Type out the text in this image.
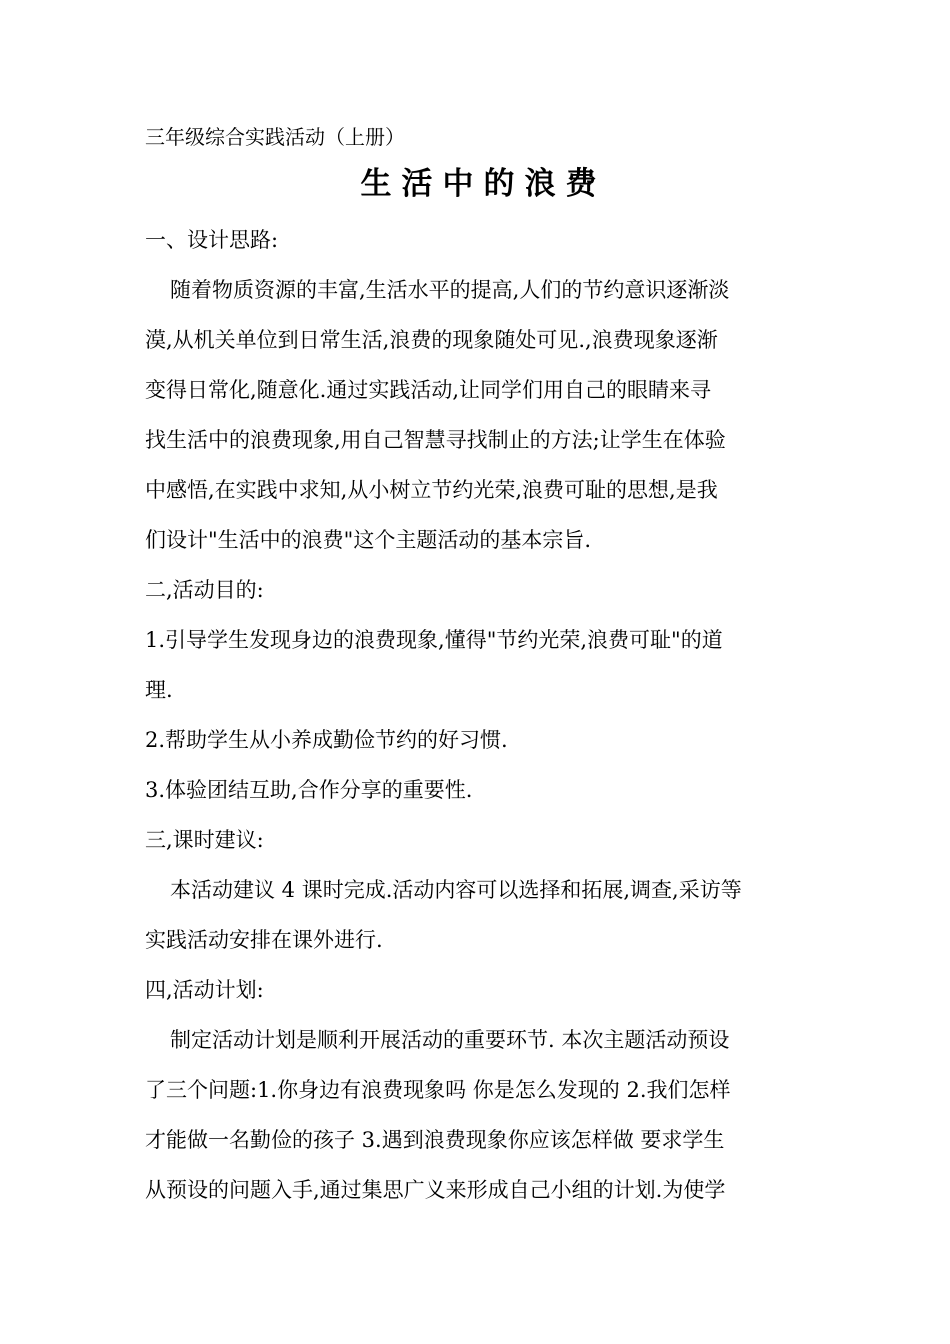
三年级综合实践活动（上册）
生活中的浪费
一、设计思路:
随着物质资源的丰富,生活水平的提高,人们的节约意识逐渐淡
漠,从机关单位到日常生活,浪费的现象随处可见.,浪费现象逐渐
变得日常化,随意化.通过实践活动,让同学们用自己的眼睛来寻
找生活中的浪费现象,用自己智慧寻找制止的方法;让学生在体验
中感悟,在实践中求知,从小树立节约光荣,浪费可耻的思想,是我
们设计"生活中的浪费"这个主题活动的基本宗旨.
二,活动目的:
1.引导学生发现身边的浪费现象,懂得"节约光荣,浪费可耻"的道
理.
2.帮助学生从小养成勤俭节约的好习惯.
3.体验团结互助,合作分享的重要性.
三,课时建议:
本活动建议 4 课时完成.活动内容可以选择和拓展,调查,采访等
实践活动安排在课外进行.
四,活动计划:
制定活动计划是顺利开展活动的重要环节. 本次主题活动预设
了三个问题:1.你身边有浪费现象吗 你是怎么发现的 2.我们怎样
才能做一名勤俭的孩子 3.遇到浪费现象你应该怎样做 要求学生
从预设的问题入手,通过集思广义来形成自己小组的计划.为使学
